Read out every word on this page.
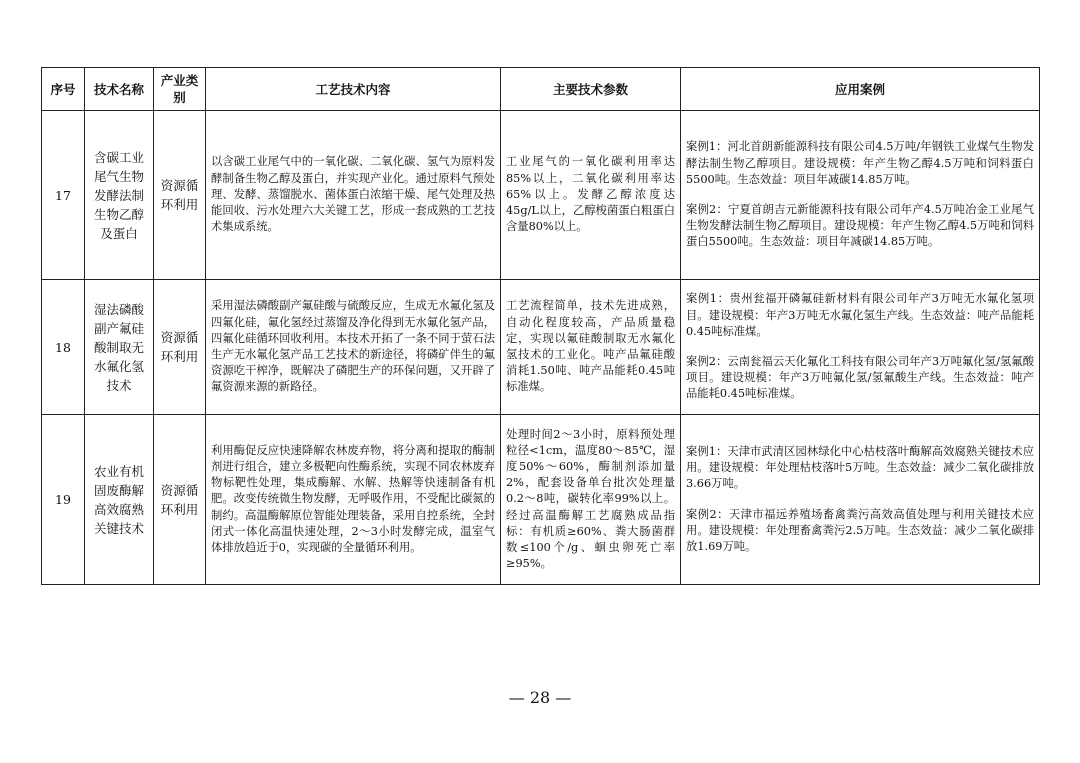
序号	技术名称	产业类别	工艺技术内容	主要技术参数	应用案例
17	含碳工业尾气生物发酵法制生物乙醇及蛋白	资源循环利用	以含碳工业尾气中的一氧化碳、二氧化碳、氢气为原料发酵制备生物乙醇及蛋白，并实现产业化。通过原料气预处理、发酵、蒸馏脱水、菌体蛋白浓缩干燥、尾气处理及热能回收、污水处理六大关键工艺，形成一套成熟的工艺技术集成系统。	工业尾气的一氧化碳利用率达85%以上，二氧化碳利用率达65%以上。发酵乙醇浓度达45g/L以上，乙醇梭菌蛋白粗蛋白含量80%以上。	案例1：河北首朗新能源科技有限公司4.5万吨/年钢铁工业煤气生物发酵法制生物乙醇项目。建设规模：年产生物乙醇4.5万吨和饲料蛋白5500吨。生态效益：项目年减碳14.85万吨。
案例2：宁夏首朗吉元新能源科技有限公司年产4.5万吨冶金工业尾气生物发酵法制生物乙醇项目。建设规模：年产生物乙醇4.5万吨和饲料蛋白5500吨。生态效益：项目年减碳14.85万吨。

18	湿法磷酸副产氟硅酸制取无水氟化氢技术	资源循环利用	采用湿法磷酸副产氟硅酸与硫酸反应，生成无水氟化氢及四氟化硅，氟化氢经过蒸馏及净化得到无水氟化氢产品，四氟化硅循环回收利用。本技术开拓了一条不同于萤石法生产无水氟化氢产品工艺技术的新途径，将磷矿伴生的氟资源吃干榨净，既解决了磷肥生产的环保问题，又开辟了氟资源来源的新路径。	工艺流程简单，技术先进成熟，自动化程度较高，产品质量稳定，实现以氟硅酸制取无水氟化氢技术的工业化。吨产品氟硅酸消耗1.50吨、吨产品能耗0.45吨标准煤。	案例1：贵州瓮福开磷氟硅新材料有限公司年产3万吨无水氟化氢项目。建设规模：年产3万吨无水氟化氢生产线。生态效益：吨产品能耗0.45吨标准煤。
案例2：云南瓮福云天化氟化工科技有限公司年产3万吨氟化氢/氢氟酸项目。建设规模：年产3万吨氟化氢/氢氟酸生产线。生态效益：吨产品能耗0.45吨标准煤。

19	农业有机固废酶解高效腐熟关键技术	资源循环利用	利用酶促反应快速降解农林废弃物，将分离和提取的酶制剂进行组合，建立多极靶向性酶系统，实现不同农林废弃物标靶性处理，集成酶解、水解、热解等快速制备有机肥。改变传统微生物发酵，无呼吸作用，不受配比碳氮的制约。高温酶解原位智能处理装备，采用自控系统，全封闭式一体化高温快速处理，2～3小时发酵完成，温室气体排放趋近于0，实现碳的全量循环利用。	处理时间2～3小时，原料预处理粒径<1cm，温度80～85℃，湿度50%～60%，酶制剂添加量2%，配套设备单台批次处理量0.2～8吨，碳转化率99%以上。经过高温酶解工艺腐熟成品指标：有机质≥60%、粪大肠菌群数≤100个/g、蛔虫卵死亡率≥95%。	案例1：天津市武清区园林绿化中心枯枝落叶酶解高效腐熟关键技术应用。建设规模：年处理枯枝落叶5万吨。生态效益：减少二氧化碳排放3.66万吨。
案例2：天津市福远养殖场畜禽粪污高效高值处理与利用关键技术应用。建设规模：年处理畜禽粪污2.5万吨。生态效益：减少二氧化碳排放1.69万吨。
— 28 —
